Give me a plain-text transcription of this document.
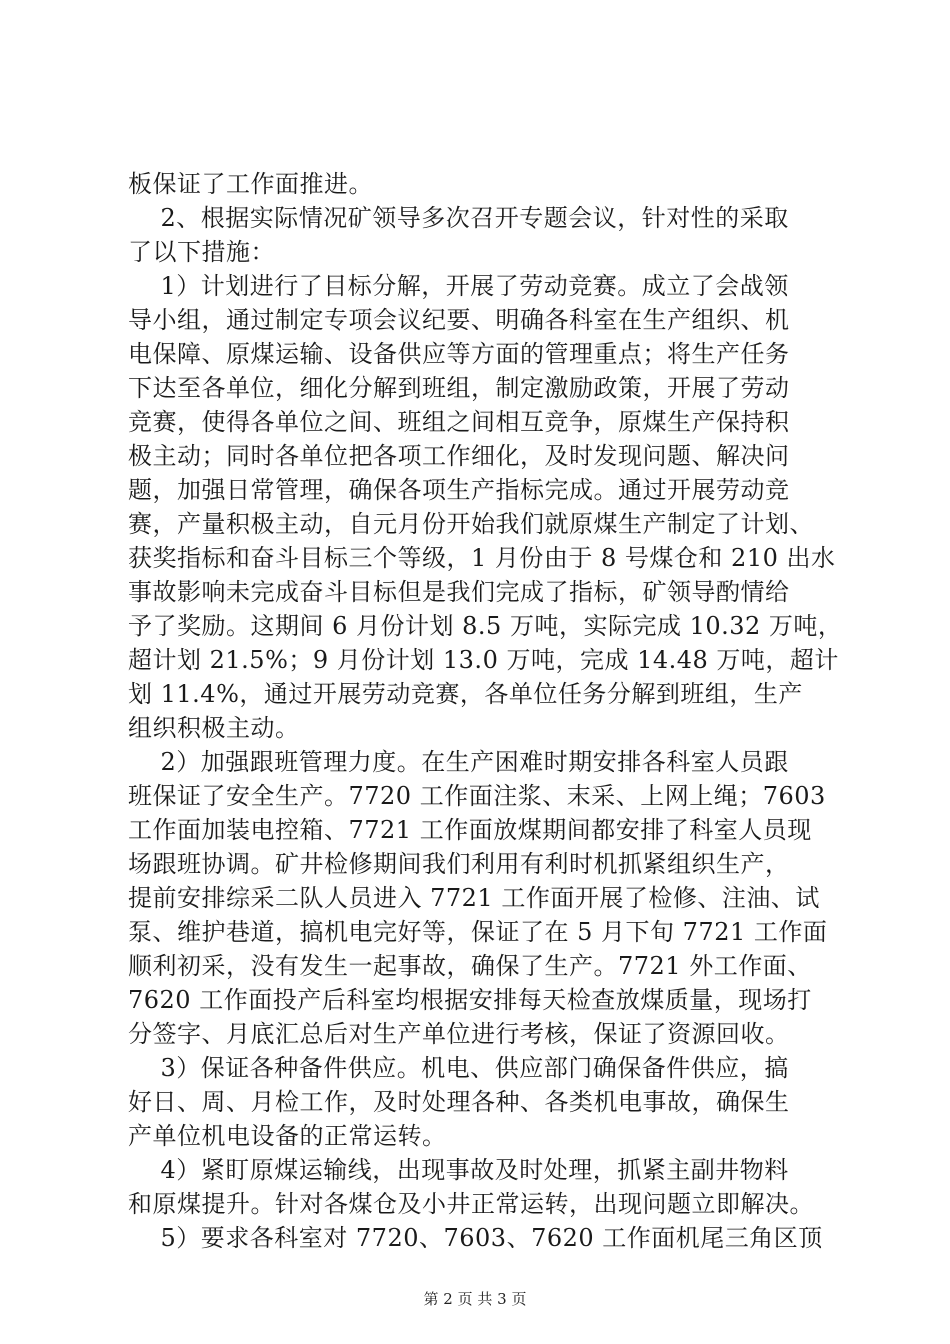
板保证了工作面推进。
2、根据实际情况矿领导多次召开专题会议，针对性的采取
了以下措施：
1）计划进行了目标分解，开展了劳动竞赛。成立了会战领
导小组，通过制定专项会议纪要、明确各科室在生产组织、机
电保障、原煤运输、设备供应等方面的管理重点；将生产任务
下达至各单位，细化分解到班组，制定激励政策，开展了劳动
竞赛，使得各单位之间、班组之间相互竞争，原煤生产保持积
极主动；同时各单位把各项工作细化，及时发现问题、解决问
题，加强日常管理，确保各项生产指标完成。通过开展劳动竞
赛，产量积极主动，自元月份开始我们就原煤生产制定了计划、
获奖指标和奋斗目标三个等级，1 月份由于 8 号煤仓和 210 出水
事故影响未完成奋斗目标但是我们完成了指标，矿领导酌情给
予了奖励。这期间 6 月份计划 8.5 万吨，实际完成 10.32 万吨，
超计划 21.5%；9 月份计划 13.0 万吨，完成 14.48 万吨，超计
划 11.4%，通过开展劳动竞赛，各单位任务分解到班组，生产
组织积极主动。
2）加强跟班管理力度。在生产困难时期安排各科室人员跟
班保证了安全生产。7720 工作面注浆、末采、上网上绳；7603
工作面加装电控箱、7721 工作面放煤期间都安排了科室人员现
场跟班协调。矿井检修期间我们利用有利时机抓紧组织生产，
提前安排综采二队人员进入 7721 工作面开展了检修、注油、试
泵、维护巷道，搞机电完好等，保证了在 5 月下旬 7721 工作面
顺利初采，没有发生一起事故，确保了生产。7721 外工作面、
7620 工作面投产后科室均根据安排每天检查放煤质量，现场打
分签字、月底汇总后对生产单位进行考核，保证了资源回收。
3）保证各种备件供应。机电、供应部门确保备件供应，搞
好日、周、月检工作，及时处理各种、各类机电事故，确保生
产单位机电设备的正常运转。
4）紧盯原煤运输线，出现事故及时处理，抓紧主副井物料
和原煤提升。针对各煤仓及小井正常运转，出现问题立即解决。
5）要求各科室对 7720、7603、7620 工作面机尾三角区顶
第 2 页 共 3 页
